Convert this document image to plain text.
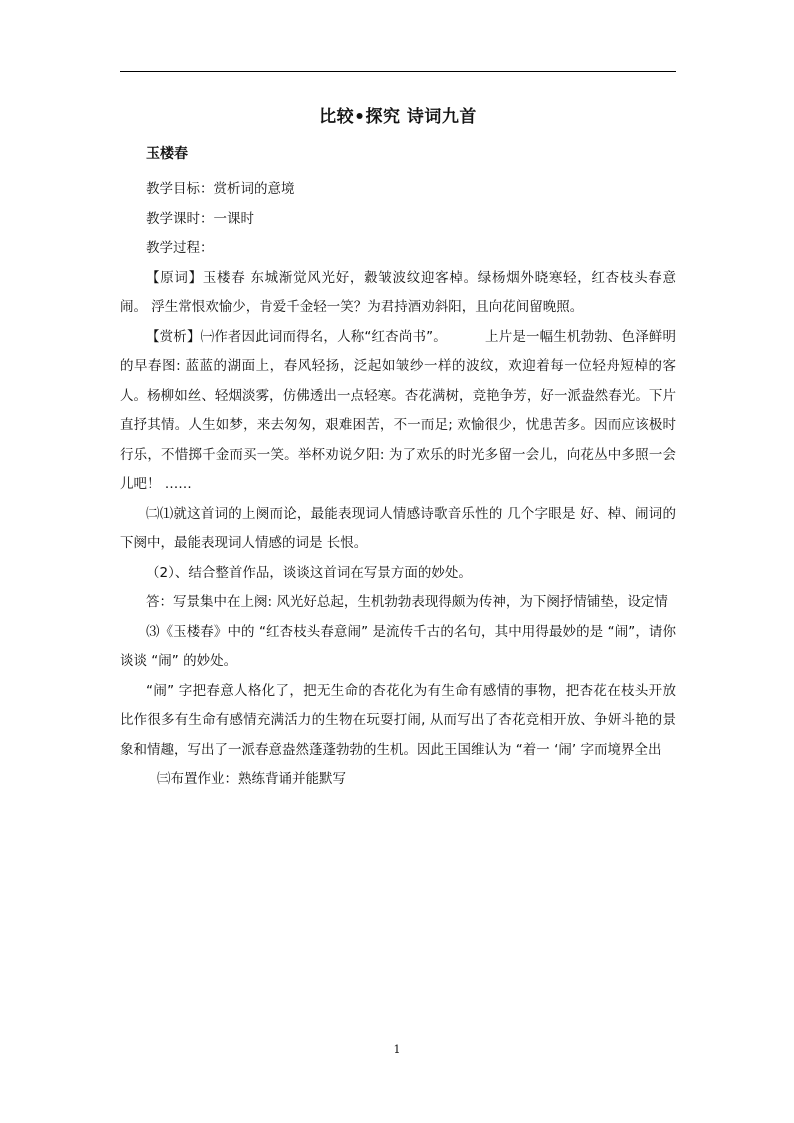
比较•探究 诗词九首
玉楼春

教学目标：赏析词的意境

教学课时：一课时

教学过程：

【原词】玉楼春 东城渐觉风光好，縠皱波纹迎客棹。绿杨烟外晓寒轻，红杏枝头春意闹。 浮生常恨欢愉少，肯爱千金轻一笑？为君持酒劝斜阳，且向花间留晚照。

【赏析】㈠作者因此词而得名，人称“红杏尚书”。	上片是一幅生机勃勃、色泽鲜明的早春图: 蓝蓝的湖面上，春风轻扬，泛起如皱纱一样的波纹，欢迎着每一位轻舟短棹的客人。杨柳如丝、轻烟淡雾，仿佛透出一点轻寒。杏花满树，竞艳争芳，好一派盎然春光。下片直抒其情。人生如梦，来去匆匆，艰难困苦，不一而足; 欢愉很少，忧患苦多。因而应该极时行乐，不惜掷千金而买一笑。举杯劝说夕阳: 为了欢乐的时光多留一会儿，向花丛中多照一会儿吧！ ……

㈡⑴就这首词的上阕而论，最能表现词人情感诗歌音乐性的 几个字眼是 好、棹、闹词的下阕中，最能表现词人情感的词是 长恨。

（2）、结合整首作品，谈谈这首词在写景方面的妙处。

答：写景集中在上阕: 风光好总起，生机勃勃表现得颇为传神，为下阕抒情铺垫，设定情

⑶《玉楼春》中的 “红杏枝头春意闹” 是流传千古的名句，其中用得最妙的是 “闹”，请你谈谈 “闹” 的妙处。

“闹” 字把春意人格化了，把无生命的杏花化为有生命有感情的事物，把杏花在枝头开放比作很多有生命有感情充满活力的生物在玩耍打闹, 从而写出了杏花竞相开放、争妍斗艳的景象和情趣，写出了一派春意盎然蓬蓬勃勃的生机。因此王国维认为 “着一 ‘闹’ 字而境界全出

㈢布置作业：熟练背诵并能默写

1
